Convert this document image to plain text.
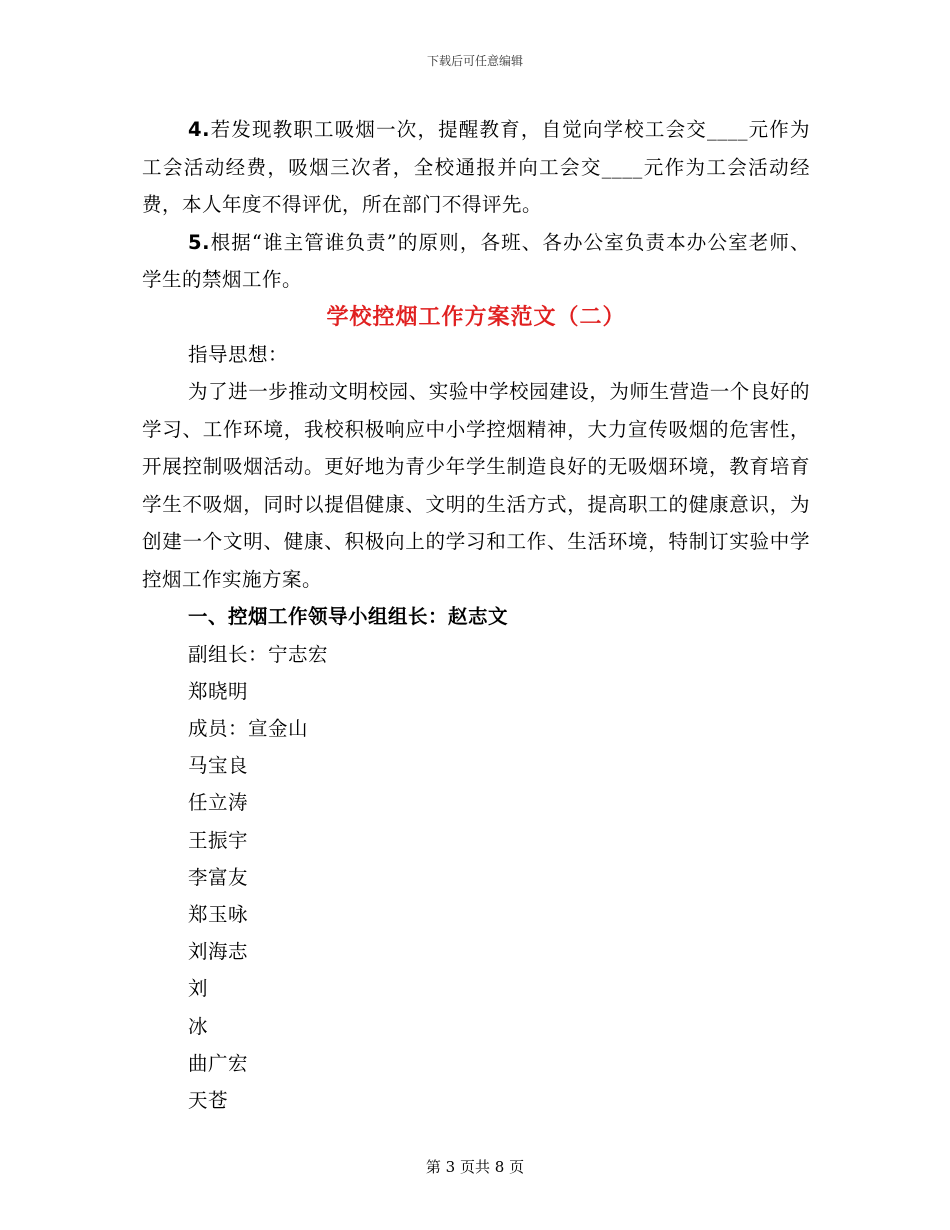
下载后可任意编辑

4.若发现教职工吸烟一次，提醒教育，自觉向学校工会交____元作为工会活动经费，吸烟三次者，全校通报并向工会交____元作为工会活动经费，本人年度不得评优，所在部门不得评先。

5.根据“谁主管谁负责”的原则，各班、各办公室负责本办公室老师、学生的禁烟工作。

学校控烟工作方案范文（二）

指导思想：

为了进一步推动文明校园、实验中学校园建设，为师生营造一个良好的学习、工作环境，我校积极响应中小学控烟精神，大力宣传吸烟的危害性，开展控制吸烟活动。更好地为青少年学生制造良好的无吸烟环境，教育培育学生不吸烟，同时以提倡健康、文明的生活方式，提高职工的健康意识，为创建一个文明、健康、积极向上的学习和工作、生活环境，特制订实验中学控烟工作实施方案。

一、控烟工作领导小组组长：赵志文

副组长：宁志宏

郑晓明

成员：宣金山

马宝良

任立涛

王振宇

李富友

郑玉咏

刘海志

刘

冰

曲广宏

天苍

第 3 页共 8 页
